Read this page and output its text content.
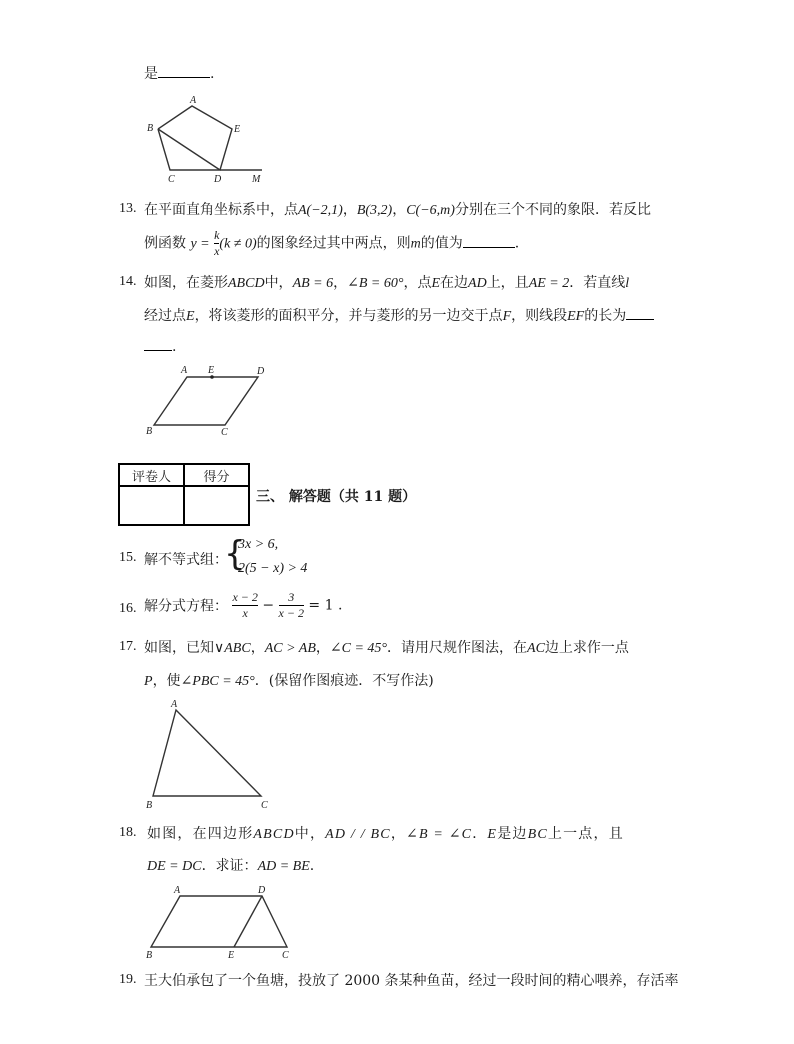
是	.
A
B	E
C	D	M
13. 在平面直角坐标系中，点A(−2,1)，B(3,2)，C(−6,m)分别在三个不同的象限．若反比
例函数 $y = \frac{k}{x} (k \ne 0)$的图象经过其中两点，则m的值为	.
14. 如图，在菱形ABCD中，AB = 6，∠B = 60°，点E在边AD上，且AE = 2．若直线l
经过点E，将该菱形的面积平分，并与菱形的另一边交于点F，则线段EF的长为
.
A E	D
B	C
评卷人	得分

三、 解答题（共 11 题）
15. 解不等式组：
{
3x > 6,
2(5 − x) > 4
16. 解分式方程： $\frac{x - 2}{x} - \frac{3}{x - 2} = 1$ .
17. 如图，已知∨ABC，AC > AB，∠C = 45°．请用尺规作图法，在AC边上求作一点
P，使∠PBC = 45°．(保留作图痕迹．不写作法)
A
B	C
18. 如图，在四边形ABCD中，AD / / BC，∠B = ∠C．E是边BC上一点，且
DE = DC．求证：AD = BE.
A	D
B	E	C
19. 王大伯承包了一个鱼塘，投放了 2000 条某种鱼苗，经过一段时间的精心喂养，存活率
